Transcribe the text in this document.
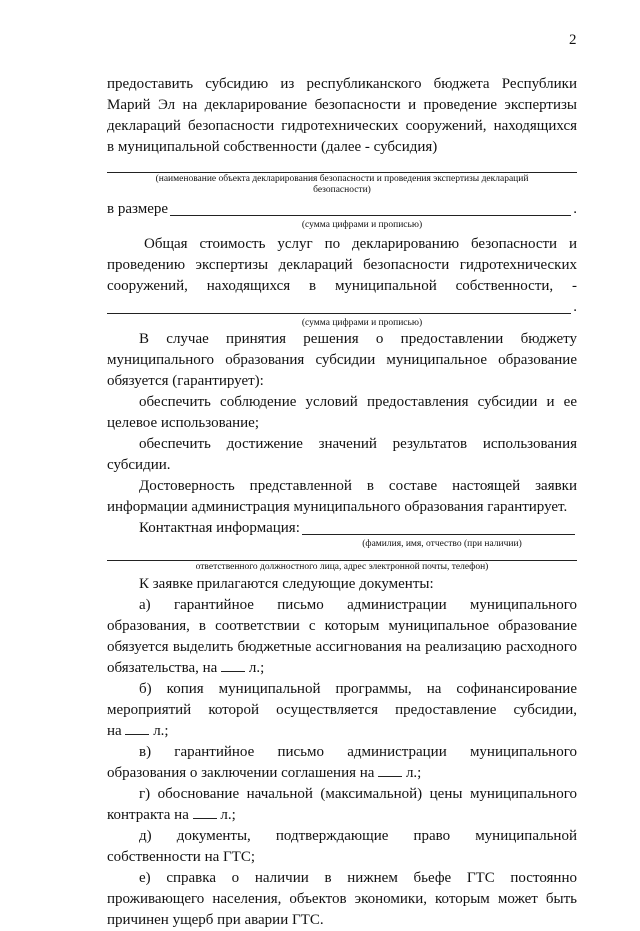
2

предоставить субсидию из республиканского бюджета Республики

Марий Эл на декларирование безопасности и проведение экспертизы

деклараций безопасности гидротехнических сооружений, находящихся

в муниципальной собственности (далее - субсидия)

(наименование объекта декларирования безопасности и проведения экспертизы деклараций безопасности)
в размере	.
(сумма цифрами и прописью)

Общая стоимость услуг по декларированию безопасности и

проведению экспертизы деклараций безопасности гидротехнических

сооружений, находящихся в муниципальной собственности, -

.
(сумма цифрами и прописью)

В случае принятия решения о предоставлении бюджету

муниципального образования субсидии муниципальное образование

обязуется (гарантирует):

обеспечить соблюдение условий предоставления субсидии и ее

целевое использование;

обеспечить достижение значений результатов использования

субсидии.

Достоверность представленной в составе настоящей заявки

информации администрация муниципального образования гарантирует.

Контактная информация:
(фамилия, имя, отчество (при наличии)
ответственного должностного лица, адрес электронной почты, телефон)

К заявке прилагаются следующие документы:

а) гарантийное письмо администрации муниципального

образования, в соответствии с которым муниципальное образование

обязуется выделить бюджетные ассигнования на реализацию расходного

обязательства, на л.;

б) копия муниципальной программы, на софинансирование

мероприятий которой осуществляется предоставление субсидии,

на л.;

в) гарантийное письмо администрации муниципального

образования о заключении соглашения на л.;

г) обоснование начальной (максимальной) цены муниципального

контракта на л.;

д) документы, подтверждающие право муниципальной

собственности на ГТС;

е) справка о наличии в нижнем бьефе ГТС постоянно

проживающего населения, объектов экономики, которым может быть

причинен ущерб при аварии ГТС.
